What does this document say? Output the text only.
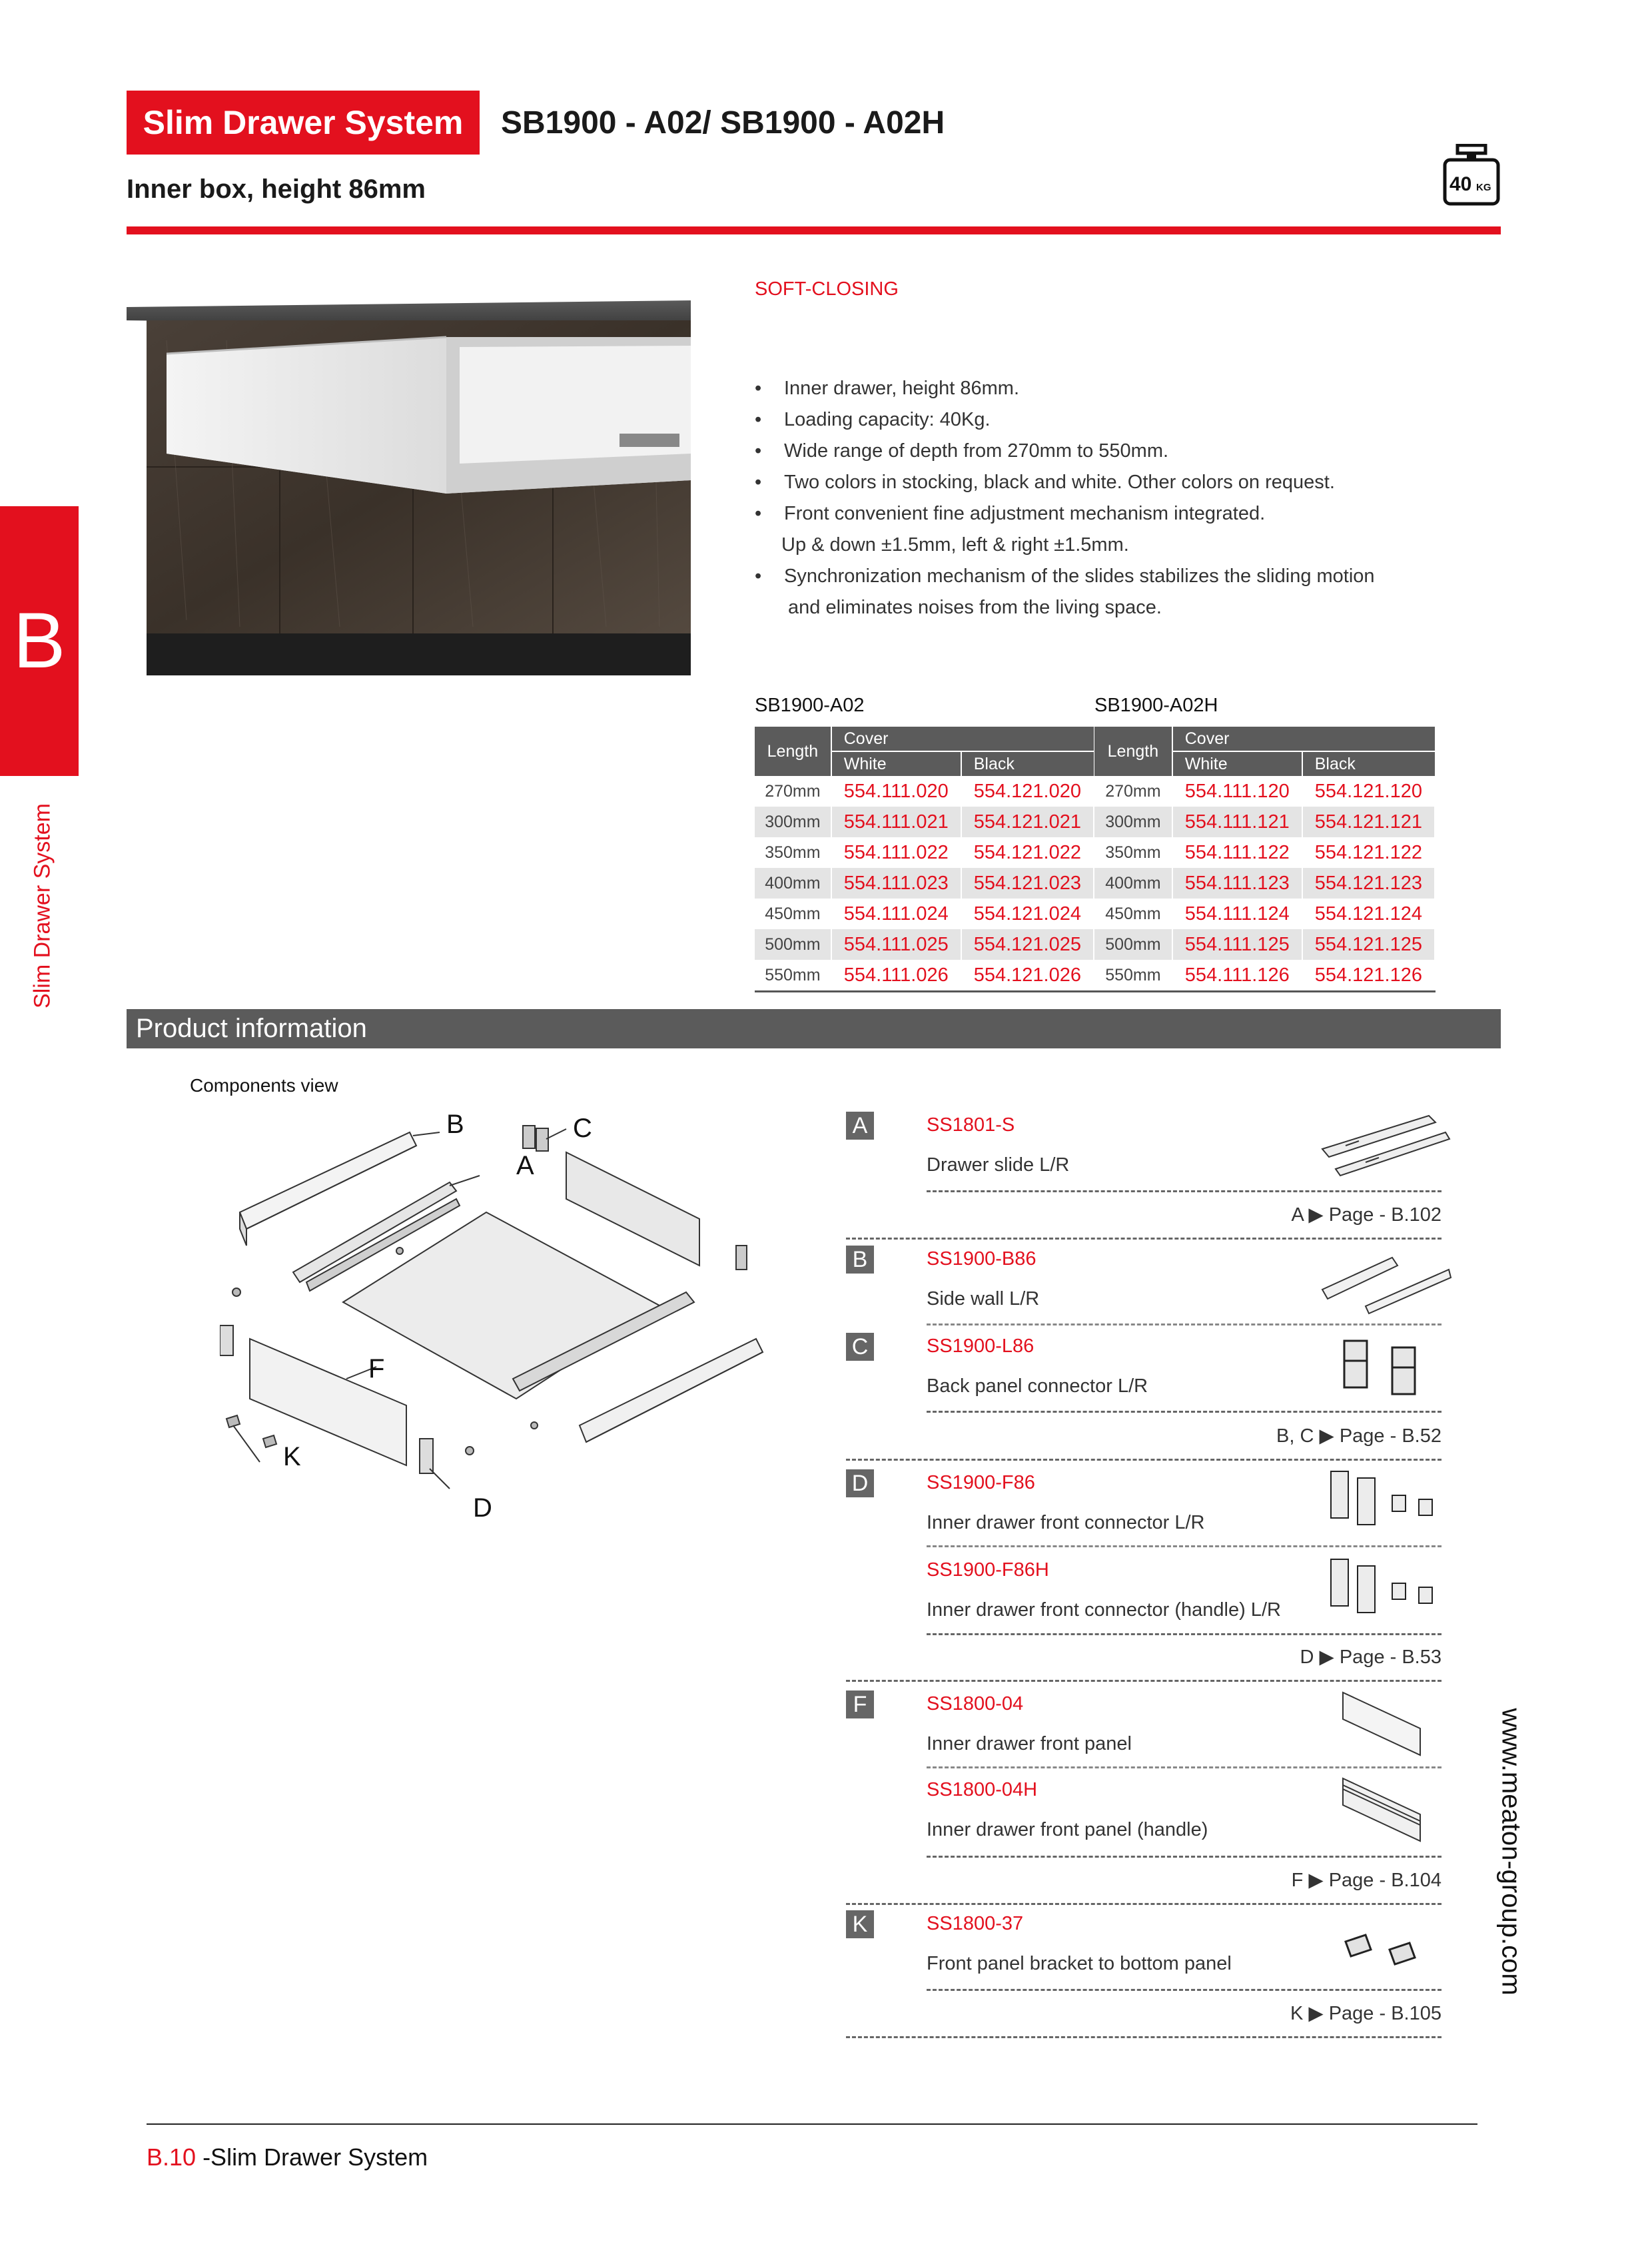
Slim Drawer System	SB1900 - A02/ SB1900 - A02H
Inner box, height 86mm	40 KG
B
Slim Drawer System
SOFT-CLOSING
• Inner drawer, height 86mm.
• Loading capacity: 40Kg.
• Wide range of depth from 270mm to 550mm.
• Two colors in stocking, black and white. Other colors on request.
• Front convenient fine adjustment mechanism integrated.
Up & down ±1.5mm, left & right ±1.5mm.
• Synchronization mechanism of the slides stabilizes the sliding motion
and eliminates noises from the living space.
SB1900-A02	SB1900-A02H
Length	Cover	
	White	Black
270mm	554.111.020	554.121.020
300mm	554.111.021	554.121.021
350mm	554.111.022	554.121.022
400mm	554.111.023	554.121.023
450mm	554.111.024	554.121.024
500mm	554.111.025	554.121.025
550mm	554.111.026	554.121.026
Length	Cover	
	White	Black
270mm	554.111.120	554.121.120
300mm	554.111.121	554.121.121
350mm	554.111.122	554.121.122
400mm	554.111.123	554.121.123
450mm	554.111.124	554.121.124
500mm	554.111.125	554.121.125
550mm	554.111.126	554.121.126
Product information
Components view
B	C
A
F
K
D
A	SS1801-S
Drawer slide L/R
A ▶ Page - B.102
B	SS1900-B86
Side wall L/R
C	SS1900-L86
Back panel connector L/R
B, C ▶ Page - B.52
D	SS1900-F86
Inner drawer front connector L/R
SS1900-F86H
Inner drawer front connector (handle) L/R
D ▶ Page - B.53
F	SS1800-04
Inner drawer front panel
SS1800-04H
Inner drawer front panel (handle)
F ▶ Page - B.104
K	SS1800-37
Front panel bracket to bottom panel
K ▶ Page - B.105
www.meaton-group.com
B.10 -Slim Drawer System
